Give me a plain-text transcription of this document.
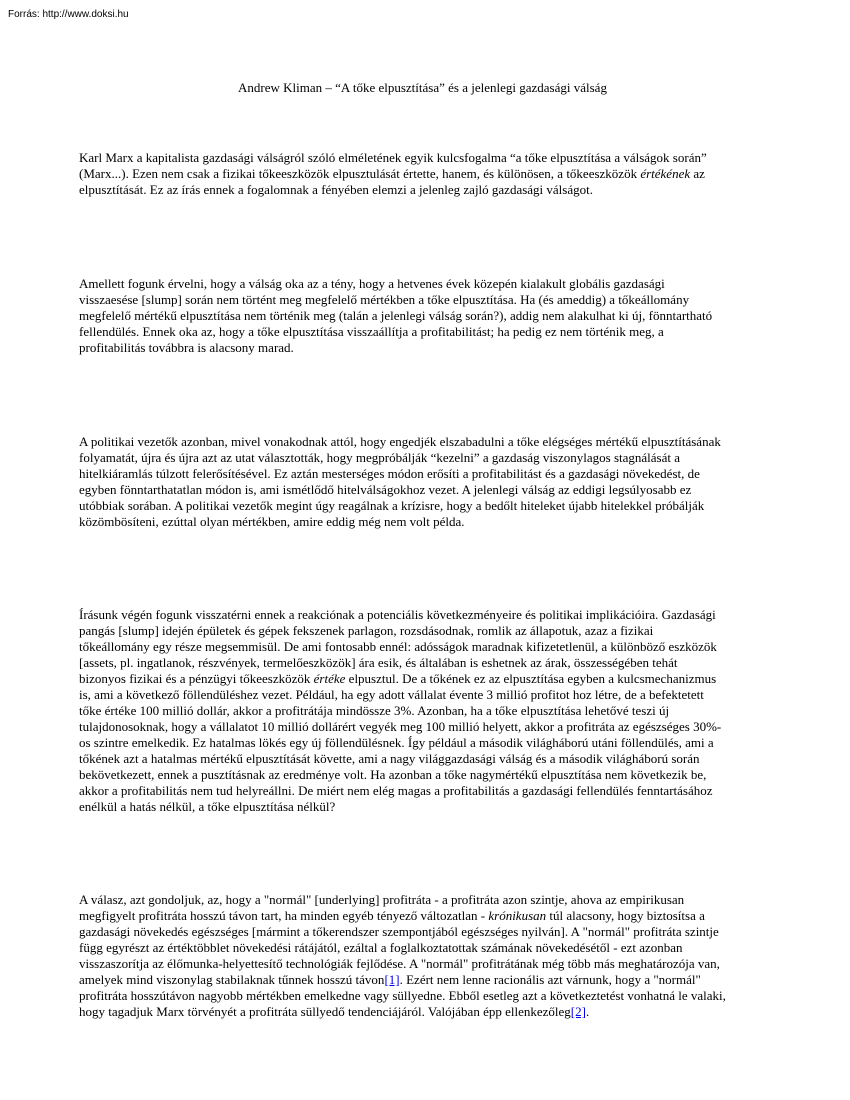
Forrás: http://www.doksi.hu
Andrew Kliman – “A tőke elpusztítása” és a jelenlegi gazdasági válság
Karl Marx a kapitalista gazdasági válságról szóló elméletének egyik kulcsfogalma “a tőke elpusztítása a válságok során”
(Marx...). Ezen nem csak a fizikai tőkeeszközök elpusztulását értette, hanem, és különösen, a tőkeeszközök értékének az
elpusztítását. Ez az írás ennek a fogalomnak a fényében elemzi a jelenleg zajló gazdasági válságot.
Amellett fogunk érvelni, hogy a válság oka az a tény, hogy a hetvenes évek közepén kialakult globális gazdasági
visszaesése [slump] során nem történt meg megfelelő mértékben a tőke elpusztítása. Ha (és ameddig) a tőkeállomány
megfelelő mértékű elpusztítása nem történik meg (talán a jelenlegi válság során?), addig nem alakulhat ki új, fönntartható
fellendülés. Ennek oka az, hogy a tőke elpusztítása visszaállítja a profitabilitást; ha pedig ez nem történik meg, a
profitabilitás továbbra is alacsony marad.
A politikai vezetők azonban, mivel vonakodnak attól, hogy engedjék elszabadulni a tőke elégséges mértékű elpusztításának
folyamatát, újra és újra azt az utat választották, hogy megpróbálják “kezelni” a gazdaság viszonylagos stagnálását a
hitelkiáramlás túlzott felerősítésével. Ez aztán mesterséges módon erősíti a profitabilitást és a gazdasági növekedést, de
egyben fönntarthatatlan módon is, ami ismétlődő hitelválságokhoz vezet. A jelenlegi válság az eddigi legsúlyosabb ez
utóbbiak sorában. A politikai vezetők megint úgy reagálnak a krízisre, hogy a bedőlt hiteleket újabb hitelekkel próbálják
közömbösíteni, ezúttal olyan mértékben, amire eddig még nem volt példa.
Írásunk végén fogunk visszatérni ennek a reakciónak a potenciális következményeire és politikai implikációira. Gazdasági
pangás [slump] idején épületek és gépek fekszenek parlagon, rozsdásodnak, romlik az állapotuk, azaz a fizikai
tőkeállomány egy része megsemmisül. De ami fontosabb ennél: adósságok maradnak kifizetetlenül, a különböző eszközök
[assets, pl. ingatlanok, részvények, termelőeszközök] ára esik, és általában is eshetnek az árak, összességében tehát
bizonyos fizikai és a pénzügyi tőkeeszközök értéke elpusztul. De a tőkének ez az elpusztítása egyben a kulcsmechanizmus
is, ami a következő föllendüléshez vezet. Például, ha egy adott vállalat évente 3 millió profitot hoz létre, de a befektetett
tőke értéke 100 millió dollár, akkor a profitrátája mindössze 3%. Azonban, ha a tőke elpusztítása lehetővé teszi új
tulajdonosoknak, hogy a vállalatot 10 millió dollárért vegyék meg 100 millió helyett, akkor a profitráta az egészséges 30%-
os szintre emelkedik. Ez hatalmas lökés egy új föllendülésnek. Így például a második világháború utáni föllendülés, ami a
tőkének azt a hatalmas mértékű elpusztítását követte, ami a nagy világgazdasági válság és a második világháború során
bekövetkezett, ennek a pusztításnak az eredménye volt. Ha azonban a tőke nagymértékű elpusztítása nem következik be,
akkor a profitabilitás nem tud helyreállni. De miért nem elég magas a profitabilitás a gazdasági fellendülés fenntartásához
enélkül a hatás nélkül, a tőke elpusztítása nélkül?
A válasz, azt gondoljuk, az, hogy a "normál" [underlying] profitráta - a profitráta azon szintje, ahova az empirikusan
megfigyelt profitráta hosszú távon tart, ha minden egyéb tényező változatlan - krónikusan túl alacsony, hogy biztosítsa a
gazdasági növekedés egészséges [mármint a tőkerendszer szempontjából egészséges nyilván]. A "normál" profitráta szintje
függ egyrészt az értéktöbblet növekedési rátájától, ezáltal a foglalkoztatottak számának növekedésétől - ezt azonban
visszaszorítja az élőmunka-helyettesítő technológiák fejlődése. A "normál" profitrátának még több más meghatározója van,
amelyek mind viszonylag stabilaknak tűnnek hosszú távon[1]. Ezért nem lenne racionális azt várnunk, hogy a "normál"
profitráta hosszútávon nagyobb mértékben emelkedne vagy süllyedne. Ebből esetleg azt a következtetést vonhatná le valaki,
hogy tagadjuk Marx törvényét a profitráta süllyedő tendenciájáról. Valójában épp ellenkezőleg[2].
